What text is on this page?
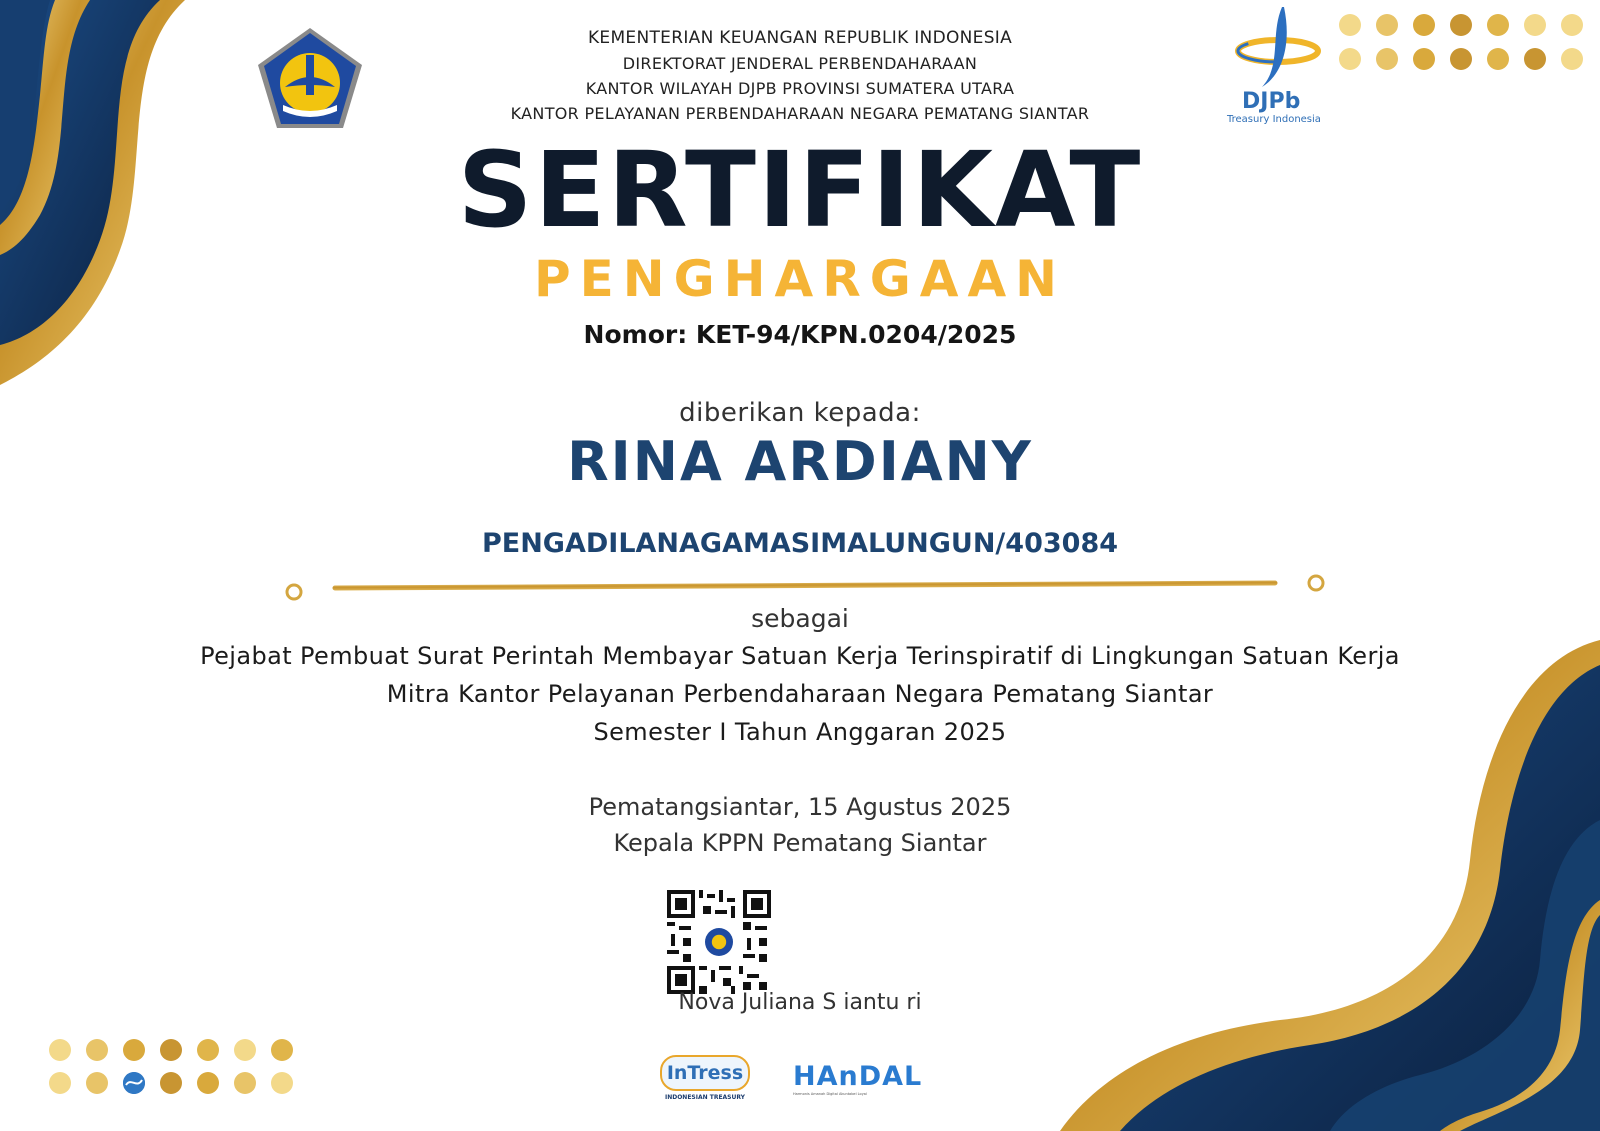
DJPb
Treasury Indonesia
KEMENTERIAN KEUANGAN REPUBLIK INDONESIA
DIREKTORAT JENDERAL PERBENDAHARAAN
KANTOR WILAYAH DJPB PROVINSI SUMATERA UTARA
KANTOR PELAYANAN PERBENDAHARAAN NEGARA PEMATANG SIANTAR
SERTIFIKAT
PENGHARGAAN
Nomor: KET-94/KPN.0204/2025
diberikan kepada:
RINA ARDIANY
PENGADILANAGAMASIMALUNGUN/403084
sebagai
Pejabat Pembuat Surat Perintah Membayar Satuan Kerja Terinspiratif di Lingkungan Satuan Kerja
Mitra Kantor Pelayanan Perbendaharaan Negara Pematang Siantar
Semester I Tahun Anggaran 2025
Pematangsiantar, 15 Agustus 2025
Kepala KPPN Pematang Siantar
Nova Juliana S iantu ri
InTress
INDONESIAN TREASURY
HAnDAL
Harmonis Amanah Digital Akuntabel Loyal
